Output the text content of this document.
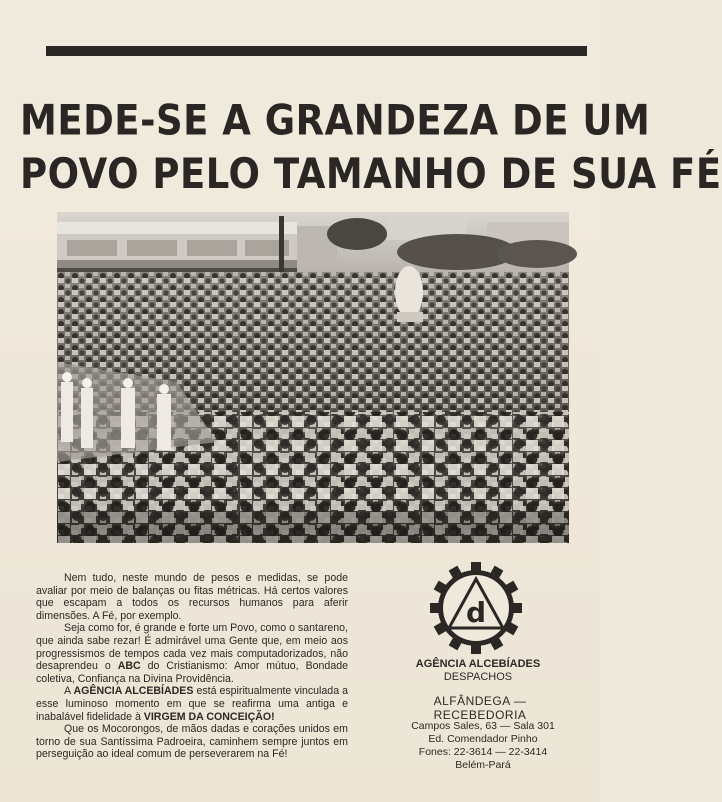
MEDE-SE A GRANDEZA DE UM
POVO PELO TAMANHO DE SUA FÉ

Nem tudo, neste mundo de pesos e medidas, se pode avaliar por meio de balanças ou fitas métricas. Há certos valores que escapam a todos os recursos humanos para aferir dimensões. A Fé, por exemplo.

Seja como for, é grande e forte um Povo, como o santareno, que ainda sabe rezar! É admirável uma Gente que, em meio aos progressismos de tempos cada vez mais computadorizados, não desaprendeu o ABC do Cristianismo: Amor mútuo, Bondade coletiva, Confiança na Divina Providência.

A AGÊNCIA ALCEBÍADES está espiritualmente vinculada a esse luminoso momento em que se reafirma uma antiga e inabalável fidelidade à VIRGEM DA CONCEIÇÃO!

Que os Mocorongos, de mãos dadas e corações unidos em torno de sua Santíssima Padroeira, caminhem sempre juntos em perseguição ao ideal comum de perseverarem na Fé!

d
AGÊNCIA ALCEBÍADES
DESPACHOS
ALFÂNDEGA — RECEBEDORIA
Campos Sales, 63 — Sala 301
Ed. Comendador Pinho
Fones: 22-3614 — 22-3414
Belém-Pará
